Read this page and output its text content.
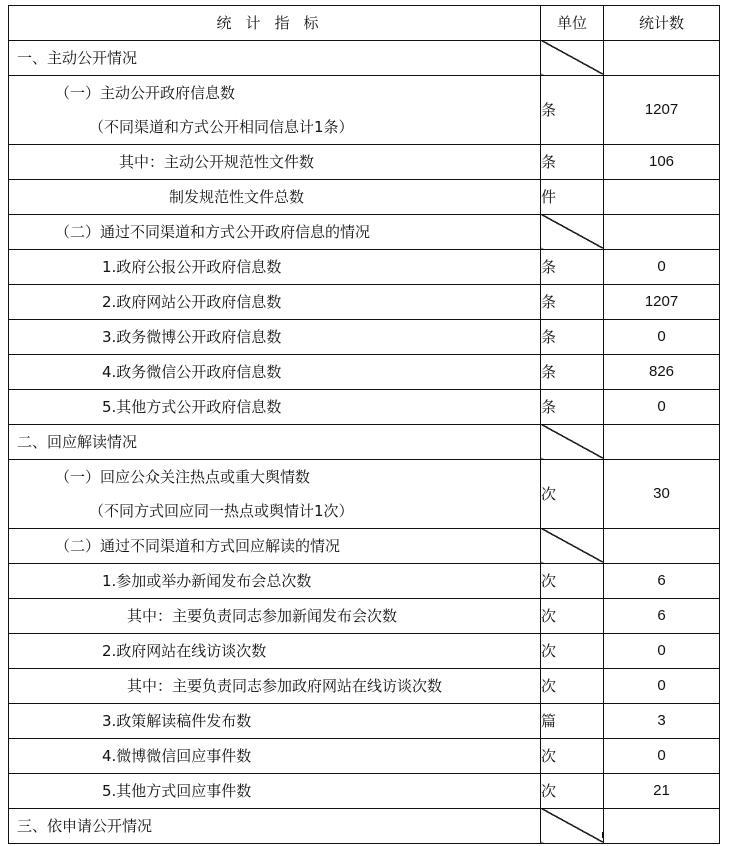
统计指标	单位	统计数

一、主动公开情况		

（一）主动公开政府信息数
（不同渠道和方式公开相同信息计1条）	条	1207

其中：主动公开规范性文件数	条	106

制发规范性文件总数	件	

（二）通过不同渠道和方式公开政府信息的情况		

1.政府公报公开政府信息数	条	0

2.政府网站公开政府信息数	条	1207

3.政务微博公开政府信息数	条	0

4.政务微信公开政府信息数	条	826

5.其他方式公开政府信息数	条	0

二、回应解读情况		

（一）回应公众关注热点或重大舆情数
（不同方式回应同一热点或舆情计1次）	次	30

（二）通过不同渠道和方式回应解读的情况		

1.参加或举办新闻发布会总次数	次	6

其中：主要负责同志参加新闻发布会次数	次	6

2.政府网站在线访谈次数	次	0

其中：主要负责同志参加政府网站在线访谈次数	次	0

3.政策解读稿件发布数	篇	3

4.微博微信回应事件数	次	0

5.其他方式回应事件数	次	21

三、依申请公开情况		
